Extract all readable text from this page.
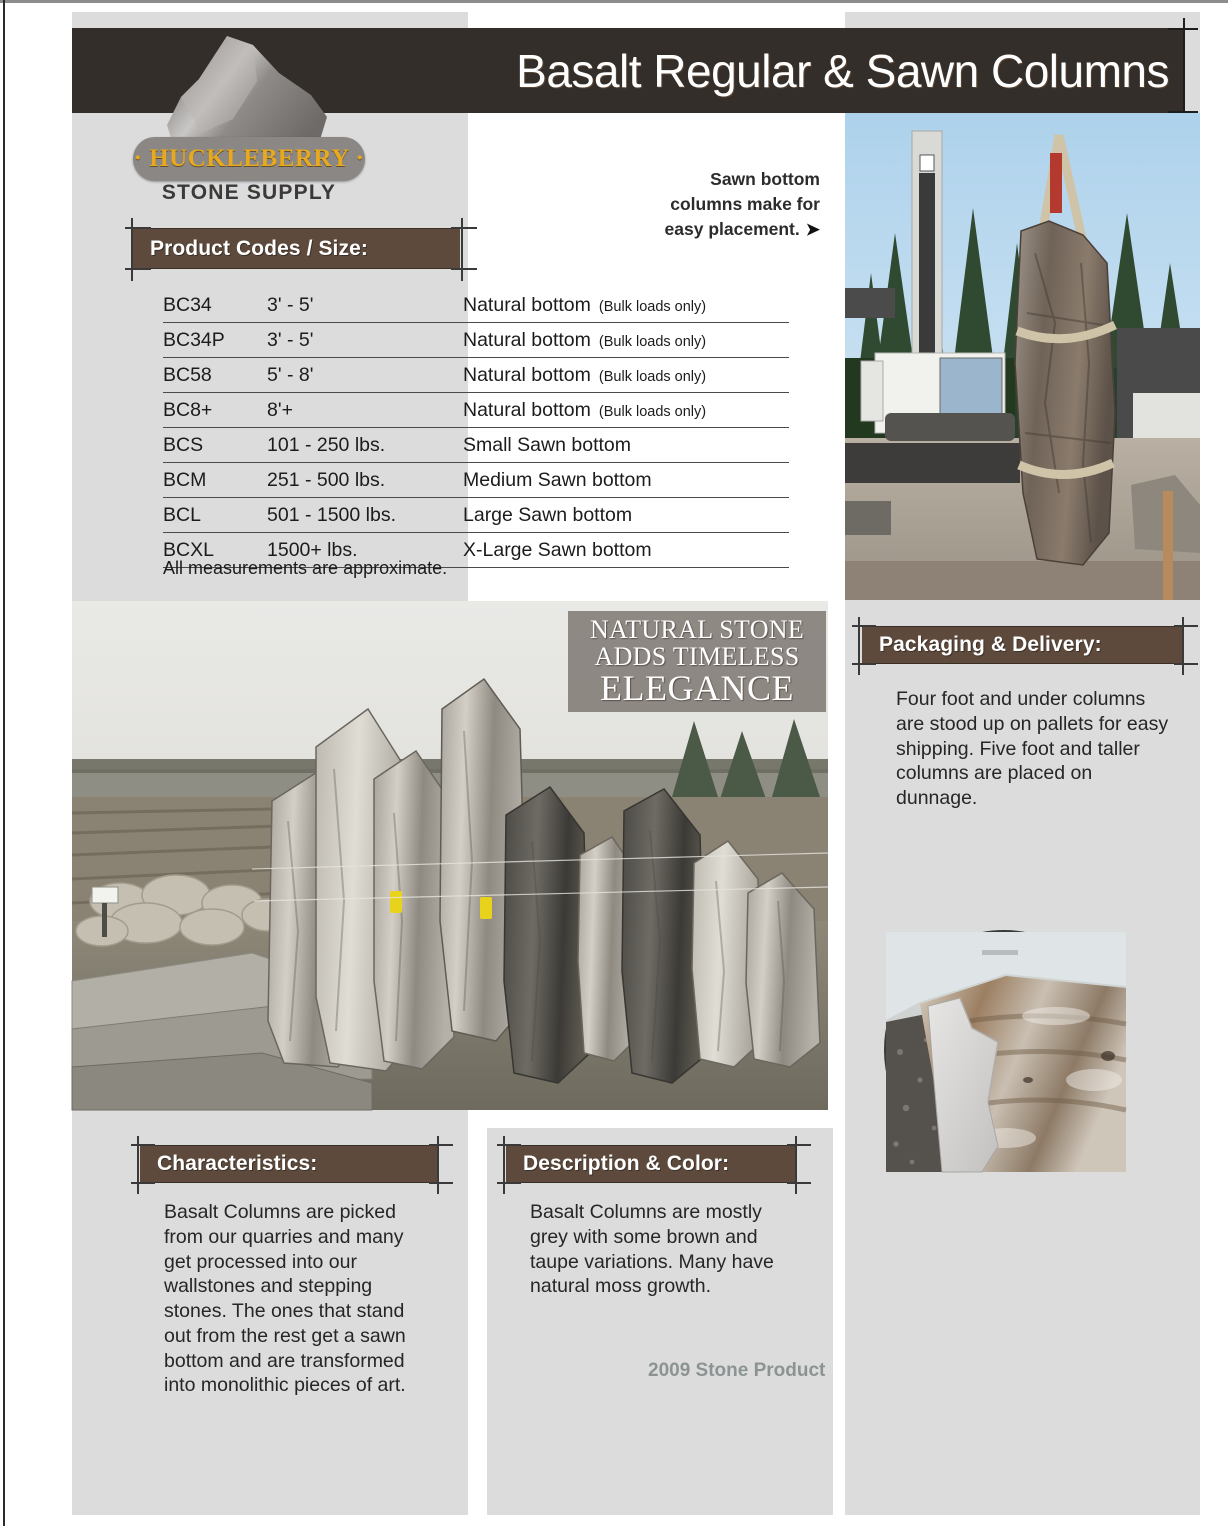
Basalt Regular & Sawn Columns
· HUCKLEBERRY ·
STONE SUPPLY
Sawn bottom columns make for easy placement. ➤
Product Codes / Size:
BC34	3' - 5'	Natural bottom (Bulk loads only)
BC34P	3' - 5'	Natural bottom (Bulk loads only)
BC58	5' - 8'	Natural bottom (Bulk loads only)
BC8+	8'+	Natural bottom (Bulk loads only)
BCS	101 - 250 lbs.	Small Sawn bottom
BCM	251 - 500 lbs.	Medium Sawn bottom
BCL	501 - 1500 lbs.	Large Sawn bottom
BCXL	1500+ lbs.	X-Large Sawn bottom
All measurements are approximate.
Packaging & Delivery:
Four foot and under columns are stood up on pallets for easy shipping. Five foot and taller columns are placed on dunnage.
NATURAL STONE
ADDS TIMELESS
ELEGANCE
Characteristics:
Basalt Columns are picked from our quarries and many get processed into our wallstones and stepping stones. The ones that stand out from the rest get a sawn bottom and are transformed into monolithic pieces of art.
Description & Color:
Basalt Columns are mostly grey with some brown and taupe variations. Many have natural moss growth.
